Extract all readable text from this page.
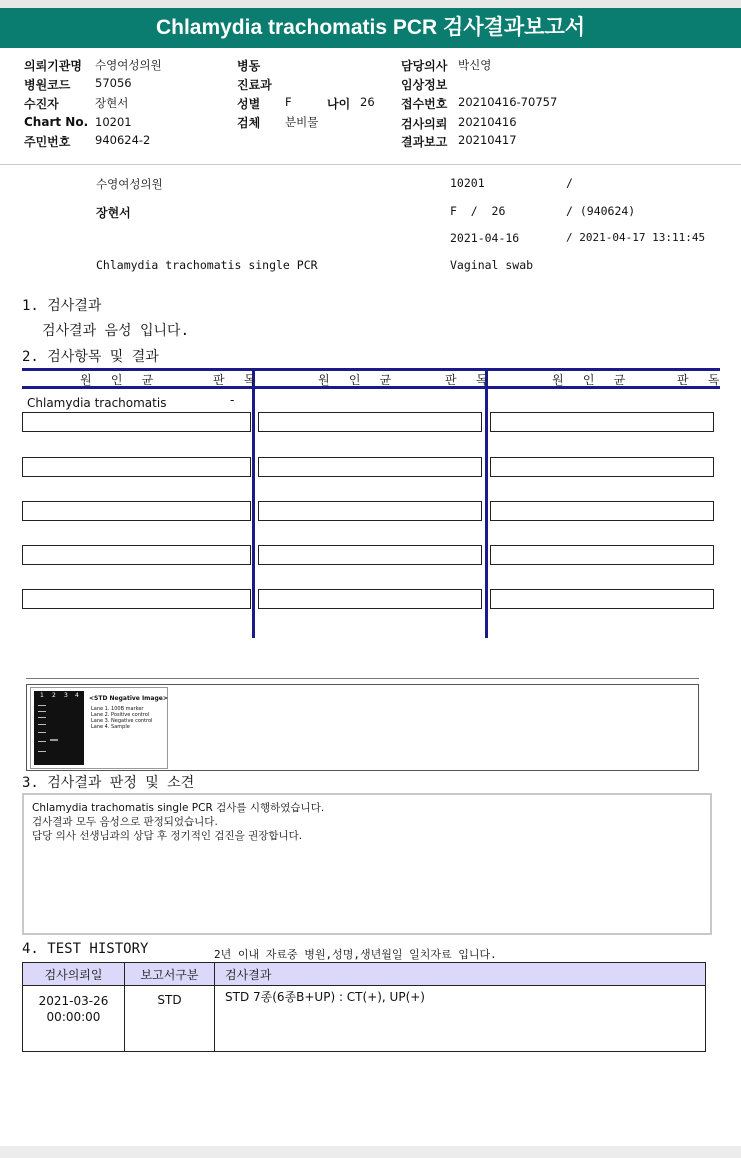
Chlamydia trachomatis PCR 검사결과보고서
의뢰기관명 수영여성의원
병원코드 57056
수진자	장현서
Chart No. 10201
주민번호 940624-2
병동
진료과
성별 F	나이 26
검체 분비물
담당의사 박신영
임상정보
접수번호 20210416-70757
검사의뢰 20210416
결과보고 20210417
수영여성의원	10201	/
장현서	F  /  26	/ (940624)
2021-04-16	/ 2021-04-17 13:11:45
Chlamydia trachomatis single PCR	Vaginal swab
1. 검사결과
검사결과 음성 입니다.
2. 검사항목 및 결과
원 인 균	판 독	원 인 균	판 독	원 인 균	판 독
Chlamydia trachomatis	-
1 2 3 4 <STD Negative Image>
Lane 1. 100B marker
Lane 2. Positive control
Lane 3. Negative control
Lane 4. Sample
3. 검사결과 판정 및 소견
Chlamydia trachomatis single PCR 검사를 시행하였습니다.
검사결과 모두 음성으로 판정되었습니다.
담당 의사 선생님과의 상담 후 정기적인 검진을 권장합니다.
4. TEST HISTORY	2년 이내 자료중 병원,성명,생년월일 일치자료 입니다.
검사의뢰일	보고서구분	검사결과

2021-03-26
00:00:00	STD	STD 7종(6종B+UP) : CT(+), UP(+)
